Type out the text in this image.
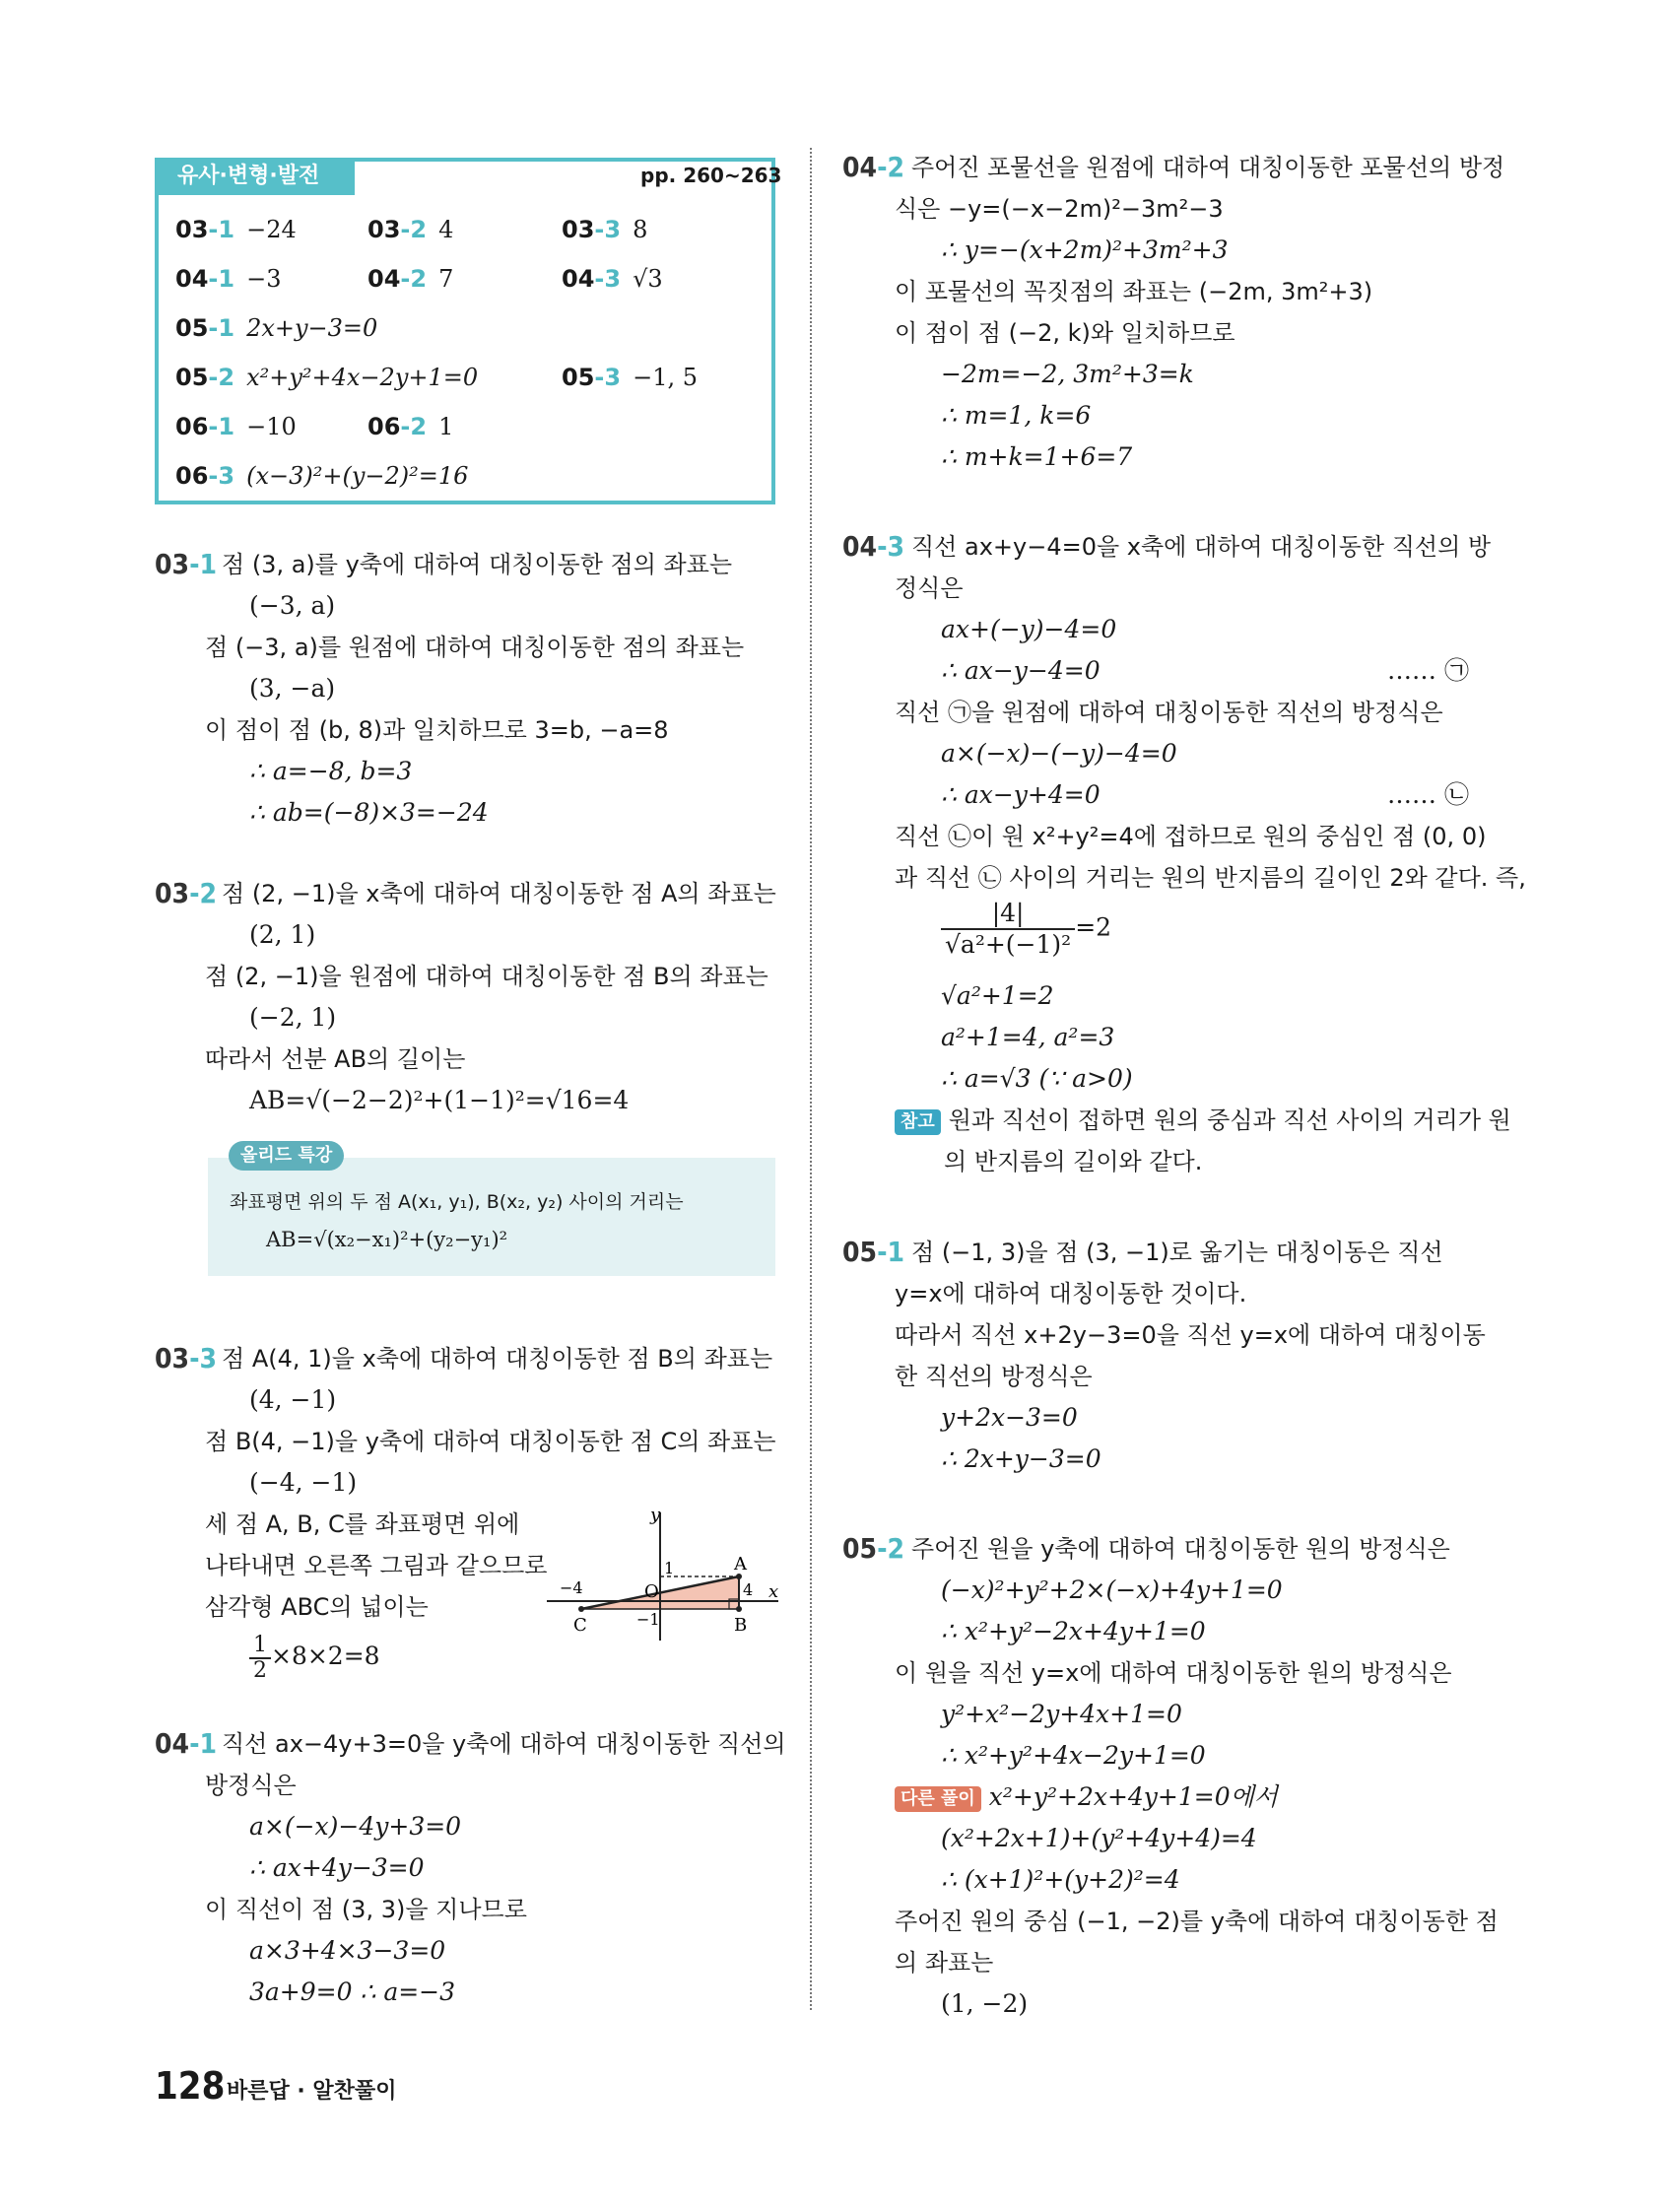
유사·변형·발전	pp. 260~263
03-1 −24	03-2 4	03-3 8
04-1 −3	04-2 7	04-3 √3
05-1 2x+y−3=0
05-2 x²+y²+4x−2y+1=0	05-3 −1, 5
06-1 −10	06-2 1
06-3 (x−3)²+(y−2)²=16
03-1 점 (3, a)를 y축에 대하여 대칭이동한 점의 좌표는
(−3, a)
점 (−3, a)를 원점에 대하여 대칭이동한 점의 좌표는
(3, −a)
이 점이 점 (b, 8)과 일치하므로 3=b, −a=8
∴ a=−8, b=3
∴ ab=(−8)×3=−24
03-2 점 (2, −1)을 x축에 대하여 대칭이동한 점 A의 좌표는
(2, 1)
점 (2, −1)을 원점에 대하여 대칭이동한 점 B의 좌표는
(−2, 1)
따라서 선분 AB의 길이는
AB=√(−2−2)²+(1−1)²=√16=4
올리드 특강
좌표평면 위의 두 점 A(x₁, y₁), B(x₂, y₂) 사이의 거리는
AB=√(x₂−x₁)²+(y₂−y₁)²
03-3 점 A(4, 1)을 x축에 대하여 대칭이동한 점 B의 좌표는
(4, −1)
점 B(4, −1)을 y축에 대하여 대칭이동한 점 C의 좌표는
(−4, −1)
세 점 A, B, C를 좌표평면 위에
나타내면 오른쪽 그림과 같으므로
삼각형 ABC의 넓이는
$\frac{1}{2} \times 8\times 2=8$
y
x
O
A
B
C
−4
1
−1
4
04-1 직선 ax−4y+3=0을 y축에 대하여 대칭이동한 직선의
방정식은
a×(−x)−4y+3=0
∴ ax+4y−3=0
이 직선이 점 (3, 3)을 지나므로
a×3+4×3−3=0
3a+9=0 ∴ a=−3
04-2 주어진 포물선을 원점에 대하여 대칭이동한 포물선의 방정
식은 −y=(−x−2m)²−3m²−3
∴ y=−(x+2m)²+3m²+3
이 포물선의 꼭짓점의 좌표는 (−2m, 3m²+3)
이 점이 점 (−2, k)와 일치하므로
−2m=−2, 3m²+3=k
∴ m=1, k=6
∴ m+k=1+6=7
04-3 직선 ax+y−4=0을 x축에 대하여 대칭이동한 직선의 방
정식은
ax+(−y)−4=0
∴ ax−y−4=0	…… ㉠
직선 ㉠을 원점에 대하여 대칭이동한 직선의 방정식은
a×(−x)−(−y)−4=0
∴ ax−y+4=0	…… ㉡
직선 ㉡이 원 x²+y²=4에 접하므로 원의 중심인 점 (0, 0)
과 직선 ㉡ 사이의 거리는 원의 반지름의 길이인 2와 같다. 즉,
$\frac{|4|}{\text{√a²+(−1)²}} =2$
√a²+1=2
a²+1=4, a²=3
∴ a=√3 (∵ a>0)
참고 원과 직선이 접하면 원의 중심과 직선 사이의 거리가 원
의 반지름의 길이와 같다.
05-1 점 (−1, 3)을 점 (3, −1)로 옮기는 대칭이동은 직선
y=x에 대하여 대칭이동한 것이다.
따라서 직선 x+2y−3=0을 직선 y=x에 대하여 대칭이동
한 직선의 방정식은
y+2x−3=0
∴ 2x+y−3=0
05-2 주어진 원을 y축에 대하여 대칭이동한 원의 방정식은
(−x)²+y²+2×(−x)+4y+1=0
∴ x²+y²−2x+4y+1=0
이 원을 직선 y=x에 대하여 대칭이동한 원의 방정식은
y²+x²−2y+4x+1=0
∴ x²+y²+4x−2y+1=0
다른 풀이 x²+y²+2x+4y+1=0에서
(x²+2x+1)+(y²+4y+4)=4
∴ (x+1)²+(y+2)²=4
주어진 원의 중심 (−1, −2)를 y축에 대하여 대칭이동한 점
의 좌표는
(1, −2)
128 바른답 · 알찬풀이
